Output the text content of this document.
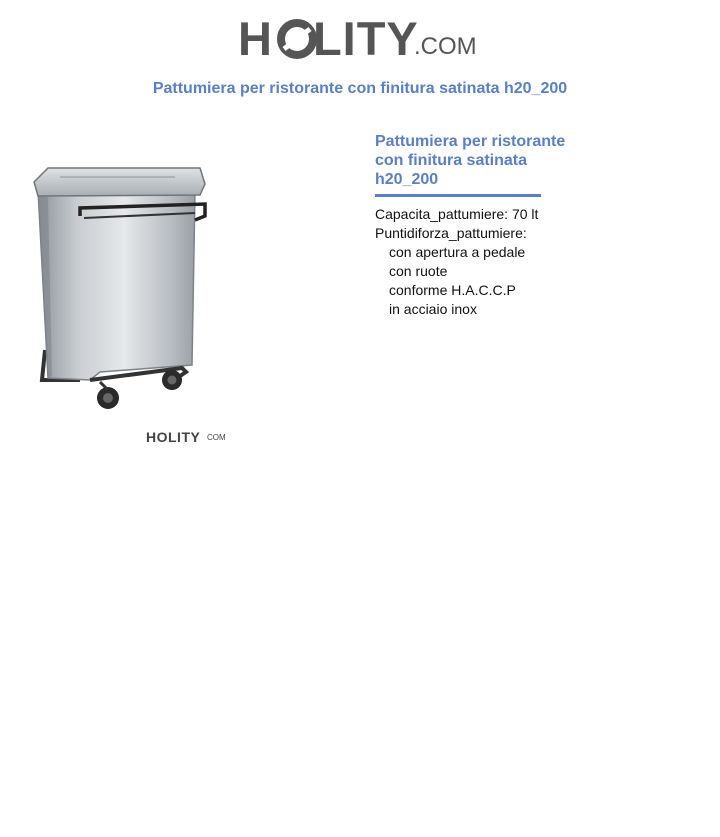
H LITY
.COM
Pattumiera per ristorante con finitura satinata h20_200
HOLITY COM
Pattumiera per ristorante con finitura satinata h20_200
Capacita_pattumiere: 70 lt
Puntidiforza_pattumiere:
con apertura a pedale
con ruote
conforme H.A.C.C.P
in acciaio inox
